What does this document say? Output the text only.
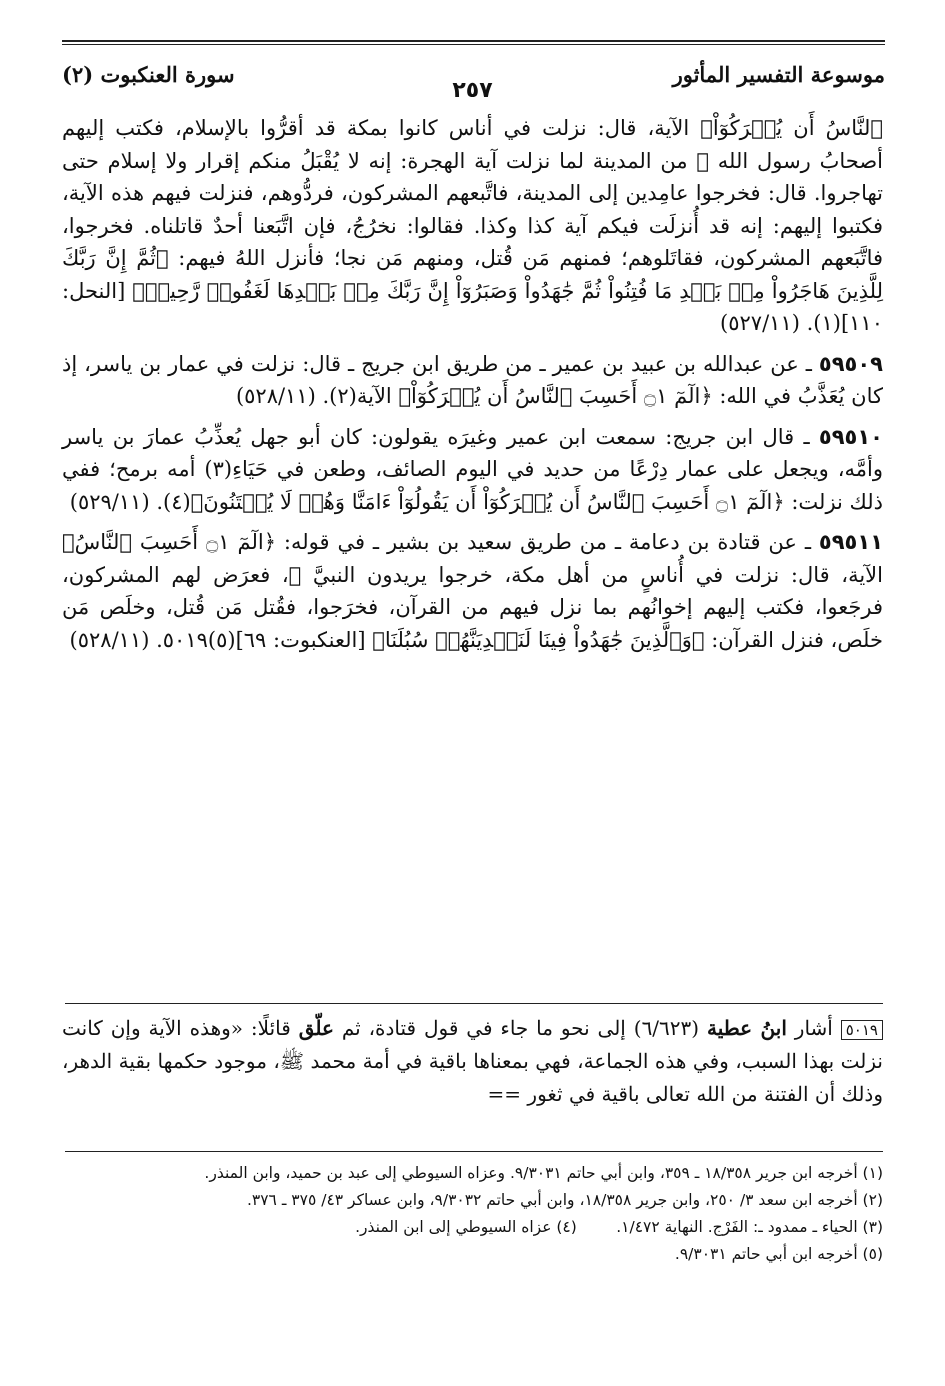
موسوعة التفسير المأثور
سورة العنكبوت (٢)
٢٥٧

ٱلنَّاسُ أَن يُتۡرَكُوٓاْ﴾ الآية، قال: نزلت في أناس كانوا بمكة قد أقرُّوا بالإسلام، فكتب إليهم أصحابُ رسول الله ﷺ من المدينة لما نزلت آية الهجرة: إنه لا يُقْبَلُ منكم إقرار ولا إسلام حتى تهاجروا. قال: فخرجوا عامِدين إلى المدينة، فاتَّبعهم المشركون، فردُّوهم، فنزلت فيهم هذه الآية، فكتبوا إليهم: إنه قد أُنزلَت فيكم آية كذا وكذا. فقالوا: نخرُجُ، فإن اتَّبَعنا أحدٌ قاتلناه. فخرجوا، فاتَّبَعهم المشركون، فقاتَلوهم؛ فمنهم مَن قُتل، ومنهم مَن نجا؛ فأنزل اللهُ فيهم: ﴿ثُمَّ إِنَّ رَبَّكَ لِلَّذِينَ هَاجَرُواْ مِنۢ بَعۡدِ مَا فُتِنُواْ ثُمَّ جَٰهَدُواْ وَصَبَرُوٓاْ إِنَّ رَبَّكَ مِنۢ بَعۡدِهَا لَغَفُورٞ رَّحِيمٞ﴾ [النحل: ١١٠](١). (٥٢٧/١١)

٥٩٥٠٩ ـ عن عبدالله بن عبيد بن عمير ـ من طريق ابن جريج ـ قال: نزلت في عمار بن ياسر، إذ كان يُعَذَّبُ في الله: ﴿الٓمٓ ۝١ أَحَسِبَ ٱلنَّاسُ أَن يُتۡرَكُوٓاْ﴾ الآية(٢). (٥٢٨/١١)

٥٩٥١٠ ـ قال ابن جريج: سمعت ابن عمير وغيرَه يقولون: كان أبو جهل يُعذِّبُ عمارَ بن ياسر وأمَّه، ويجعل على عمار دِرْعًا من حديد في اليوم الصائف، وطعن في حَيَاءِ(٣) أمه برمح؛ ففي ذلك نزلت: ﴿الٓمٓ ۝١ أَحَسِبَ ٱلنَّاسُ أَن يُتۡرَكُوٓاْ أَن يَقُولُوٓاْ ءَامَنَّا وَهُمۡ لَا يُفۡتَنُونَ﴾(٤). (٥٢٩/١١)

٥٩٥١١ ـ عن قتادة بن دعامة ـ من طريق سعيد بن بشير ـ في قوله: ﴿الٓمٓ ۝١ أَحَسِبَ ٱلنَّاسُ﴾ الآية، قال: نزلت في أُناسٍ من أهل مكة، خرجوا يريدون النبيَّ ﷺ، فعرَض لهم المشركون، فرجَعوا، فكتب إليهم إخوانُهم بما نزل فيهم من القرآن، فخرَجوا، فقُتل مَن قُتل، وخلَص مَن خلَص، فنزل القرآن: ﴿وَٱلَّذِينَ جَٰهَدُواْ فِينَا لَنَهۡدِيَنَّهُمۡ سُبُلَنَا﴾ [العنكبوت: ٦٩](٥)٥٠١٩. (٥٢٨/١١)

٥٠١٩ أشار ابنُ عطية (٦/٦٢٣) إلى نحو ما جاء في قول قتادة، ثم علّق قائلًا: «وهذه الآية وإن كانت نزلت بهذا السبب، وفي هذه الجماعة، فهي بمعناها باقية في أمة محمد ﷺ، موجود حكمها بقية الدهر، وذلك أن الفتنة من الله تعالى باقية في ثغور ==
(١) أخرجه ابن جرير ١٨/٣٥٨ ـ ٣٥٩، وابن أبي حاتم ٩/٣٠٣١. وعزاه السيوطي إلى عبد بن حميد، وابن المنذر.
(٢) أخرجه ابن سعد ٣/ ٢٥٠، وابن جرير ١٨/٣٥٨، وابن أبي حاتم ٩/٣٠٣٢، وابن عساكر ٤٣/ ٣٧٥ ـ ٣٧٦.
(٣) الحياء ـ ممدود ـ: الفَرْج. النهاية ١/٤٧٢.        (٤) عزاه السيوطي إلى ابن المنذر.
(٥) أخرجه ابن أبي حاتم ٩/٣٠٣١.
